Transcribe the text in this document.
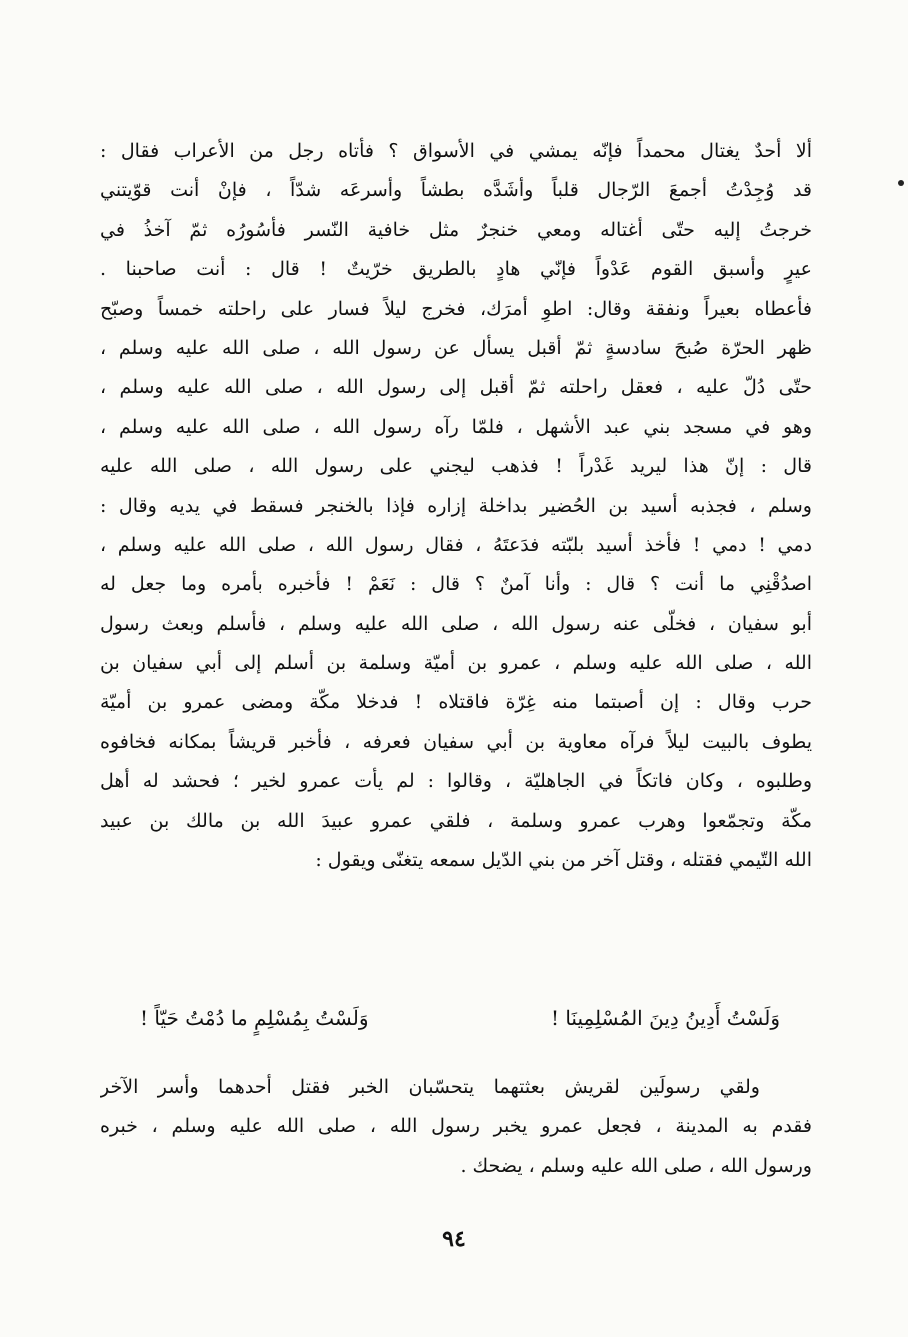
ألا أحدٌ يغتال محمداً فإنّه يمشي في الأسواق ؟ فأتاه رجل من الأعراب فقال :
قد وُجِدْتُ أجمعَ الرّجال قلباً وأشَدَّه بطشاً وأسرعَه شدّاً ، فإنْ أنت قوّيتني
خرجتُ إليه حتّى أغتاله ومعي خنجرٌ مثل خافية النّسر فأسُورُه ثمّ آخذُ في
عيرٍ وأسبق القوم عَدْواً فإنّي هادٍ بالطريق خرّيتٌ ! قال : أنت صاحبنا .
فأعطاه بعيراً ونفقة وقال: اطوِ أمرَك، فخرج ليلاً فسار على راحلته خمساً وصبّح
ظهر الحرّة صُبحَ سادسةٍ ثمّ أقبل يسأل عن رسول الله ، صلى الله عليه وسلم ،
حتّى دُلّ عليه ، فعقل راحلته ثمّ أقبل إلى رسول الله ، صلى الله عليه وسلم ،
وهو في مسجد بني عبد الأشهل ، فلمّا رآه رسول الله ، صلى الله عليه وسلم ،
قال : إنّ هذا ليريد غَدْراً ! فذهب ليجني على رسول الله ، صلى الله عليه
وسلم ، فجذبه أسيد بن الحُضير بداخلة إزاره فإذا بالخنجر فسقط في يديه وقال :
دمي ! دمي ! فأخذ أسيد بلبّته فدَعتَهُ ، فقال رسول الله ، صلى الله عليه وسلم ،
اصدُقْنِي ما أنت ؟ قال : وأنا آمنٌ ؟ قال : نَعَمْ ! فأخبره بأمره وما جعل له
أبو سفيان ، فخلّى عنه رسول الله ، صلى الله عليه وسلم ، فأسلم وبعث رسول
الله ، صلى الله عليه وسلم ، عمرو بن أميّة وسلمة بن أسلم إلى أبي سفيان بن
حرب وقال : إن أصبتما منه غِرّة فاقتلاه ! فدخلا مكّة ومضى عمرو بن أميّة
يطوف بالبيت ليلاً فرآه معاوية بن أبي سفيان فعرفه ، فأخبر قريشاً بمكانه فخافوه
وطلبوه ، وكان فاتكاً في الجاهليّة ، وقالوا : لم يأت عمرو لخير ؛ فحشد له أهل
مكّة وتجمّعوا وهرب عمرو وسلمة ، فلقي عمرو عبيدَ الله بن مالك بن عبيد
الله التّيمي فقتله ، وقتل آخر من بني الدّيل سمعه يتغنّى ويقول :
وَلَسْتُ أَدِينُ دِينَ المُسْلِمِينَا !
وَلَسْتُ بِمُسْلِمٍ ما دُمْتُ حَيّاً !
ولقي رسولَين لقريش بعثتهما يتحسّبان الخبر فقتل أحدهما وأسر الآخر
فقدم به المدينة ، فجعل عمرو يخبر رسول الله ، صلى الله عليه وسلم ، خبره
ورسول الله ، صلى الله عليه وسلم ، يضحك .
٩٤
